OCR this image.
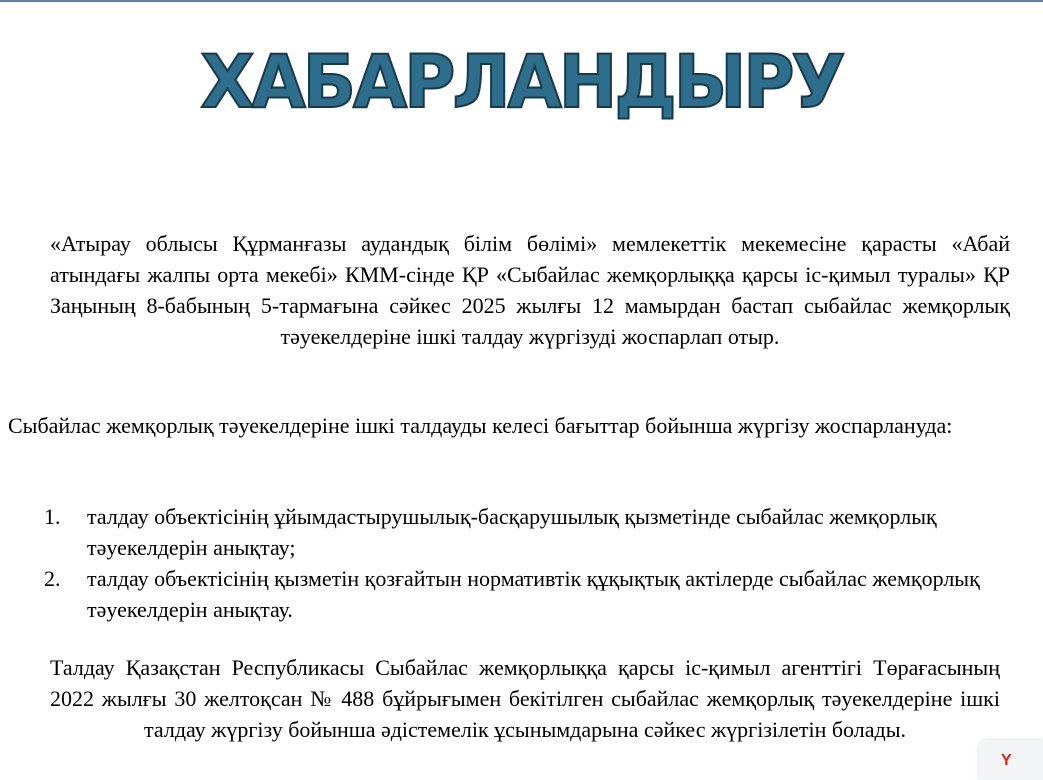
ХАБАРЛАНДЫРУ
«Атырау облысы Құрманғазы аудандық білім бөлімі» мемлекеттік мекемесіне қарасты «Абай атындағы жалпы орта мекебі» КММ-сінде ҚР «Сыбайлас жемқорлыққа қарсы іс-қимыл туралы» ҚР Заңының 8-бабының 5-тармағына сәйкес 2025 жылғы 12 мамырдан бастап сыбайлас жемқорлық тәуекелдеріне ішкі талдау жүргізуді жоспарлап отыр.
Сыбайлас жемқорлық тәуекелдеріне ішкі талдауды келесі бағыттар бойынша жүргізу жоспарлануда:
1. талдау объектісінің ұйымдастырушылық-басқарушылық қызметінде сыбайлас жемқорлық тәуекелдерін анықтау;
2. талдау объектісінің қызметін қозғайтын нормативтік құқықтық актілерде сыбайлас жемқорлық тәуекелдерін анықтау.
Талдау Қазақстан Республикасы Сыбайлас жемқорлыққа қарсы іс-қимыл агенттігі Төрағасының 2022 жылғы 30 желтоқсан № 488 бұйрығымен бекітілген сыбайлас жемқорлық тәуекелдеріне ішкі талдау жүргізу бойынша әдістемелік ұсынымдарына сәйкес жүргізілетін болады.
Y
